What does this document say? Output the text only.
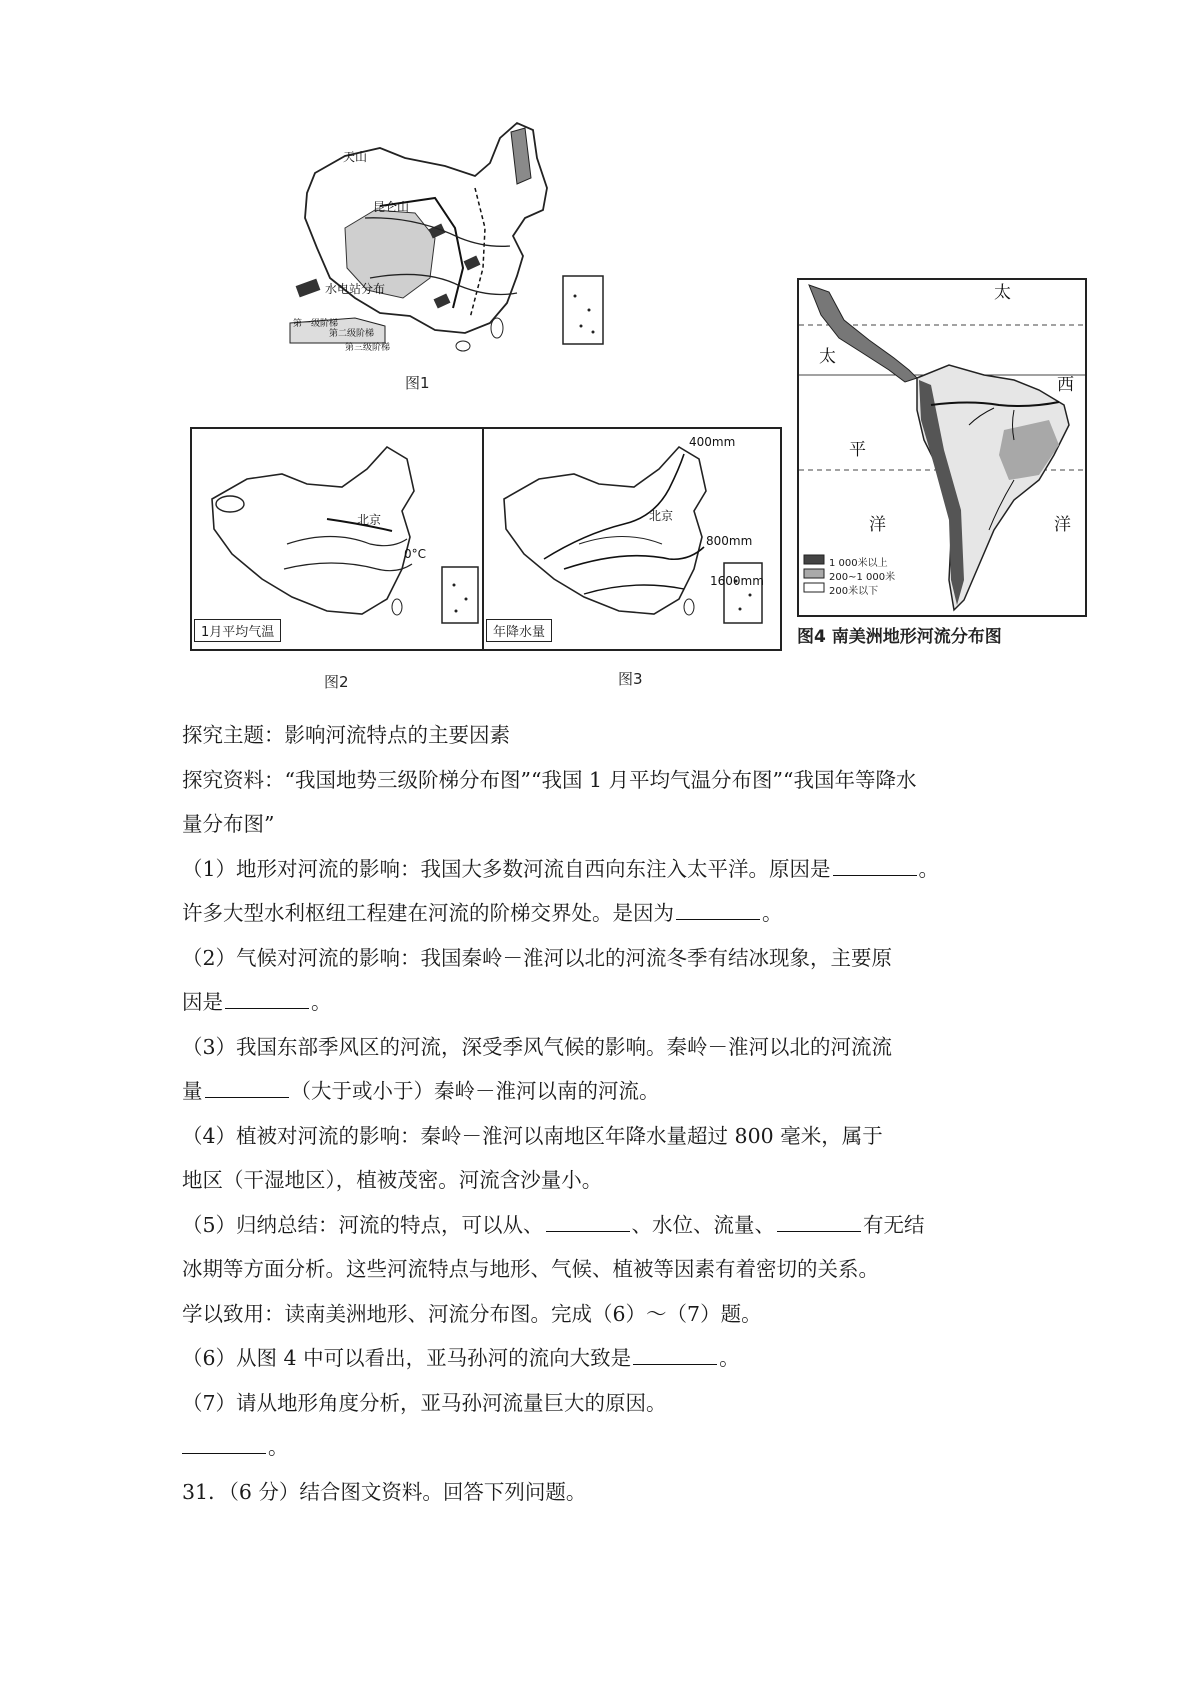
天山
昆仑山
水电站分布
第一级阶梯
第二级阶梯
第三级阶梯
图1
北京
0°C
1月平均气温
图2
400mm
北京
800mm
1600mm
年降水量
图3
太
太
西
平
洋	洋
1 000米以上
200~1 000米
200米以下
图4 南美洲地形河流分布图
探究主题：影响河流特点的主要因素
探究资料：“我国地势三级阶梯分布图”“我国 1 月平均气温分布图”“我国年等降水
量分布图”
（1）地形对河流的影响：我国大多数河流自西向东注入太平洋。原因是	。
许多大型水利枢纽工程建在河流的阶梯交界处。是因为	。
（2）气候对河流的影响：我国秦岭－淮河以北的河流冬季有结冰现象，主要原
因是	。
（3）我国东部季风区的河流，深受季风气候的影响。秦岭－淮河以北的河流流
量	（大于或小于）秦岭－淮河以南的河流。
（4）植被对河流的影响：秦岭－淮河以南地区年降水量超过 800 毫米，属于
地区（干湿地区），植被茂密。河流含沙量小。
（5）归纳总结：河流的特点，可以从、	、水位、流量、	有无结
冰期等方面分析。这些河流特点与地形、气候、植被等因素有着密切的关系。
学以致用：读南美洲地形、河流分布图。完成（6）～（7）题。
（6）从图 4 中可以看出，亚马孙河的流向大致是	。
（7）请从地形角度分析，亚马孙河流量巨大的原因。
。
31．（6 分）结合图文资料。回答下列问题。
